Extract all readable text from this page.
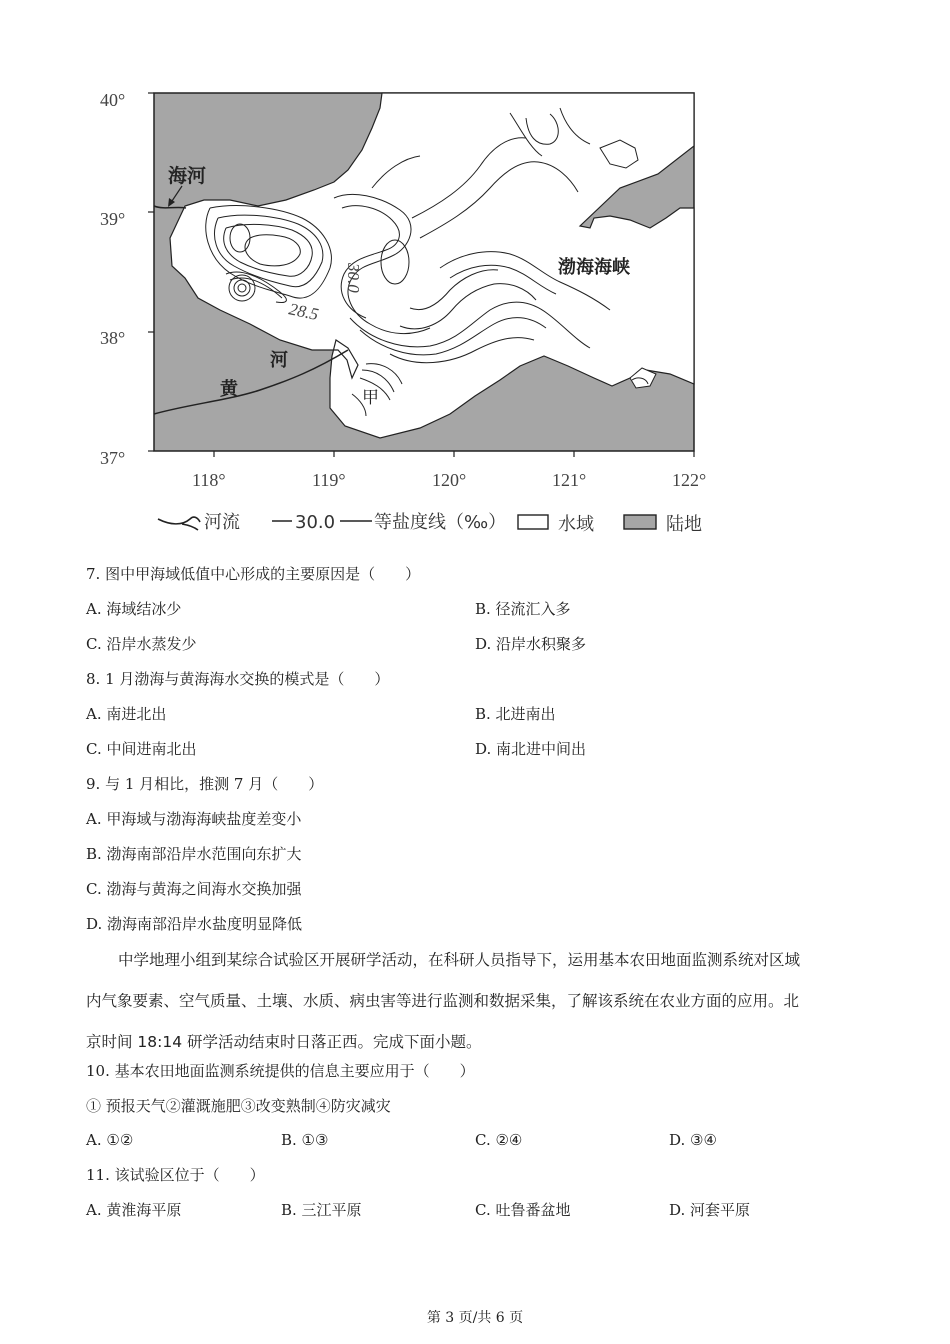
30.0
28.5
海河
黄
河
渤海海峡
甲
40°
39°
38°
37°
118°	119°	120°	121°	122°
河流	30.0 等盐度线（‰）	水域	陆地
7. 图中甲海域低值中心形成的主要原因是（　　）
A. 海域结冰少	B. 径流汇入多
C. 沿岸水蒸发少	D. 沿岸水积聚多
8. 1 月渤海与黄海海水交换的模式是（　　）
A. 南进北出	B. 北进南出
C. 中间进南北出	D. 南北进中间出
9. 与 1 月相比，推测 7 月（　　）
A. 甲海域与渤海海峡盐度差变小
B. 渤海南部沿岸水范围向东扩大
C. 渤海与黄海之间海水交换加强
D. 渤海南部沿岸水盐度明显降低
中学地理小组到某综合试验区开展研学活动，在科研人员指导下，运用基本农田地面监测系统对区域
内气象要素、空气质量、土壤、水质、病虫害等进行监测和数据采集，了解该系统在农业方面的应用。北
京时间 18:14 研学活动结束时日落正西。完成下面小题。
10. 基本农田地面监测系统提供的信息主要应用于（　　）
① 预报天气②灌溉施肥③改变熟制④防灾减灾
A. ①②	B. ①③	C. ②④	D. ③④
11. 该试验区位于（　　）
A. 黄淮海平原	B. 三江平原	C. 吐鲁番盆地	D. 河套平原
第 3 页/共 6 页
